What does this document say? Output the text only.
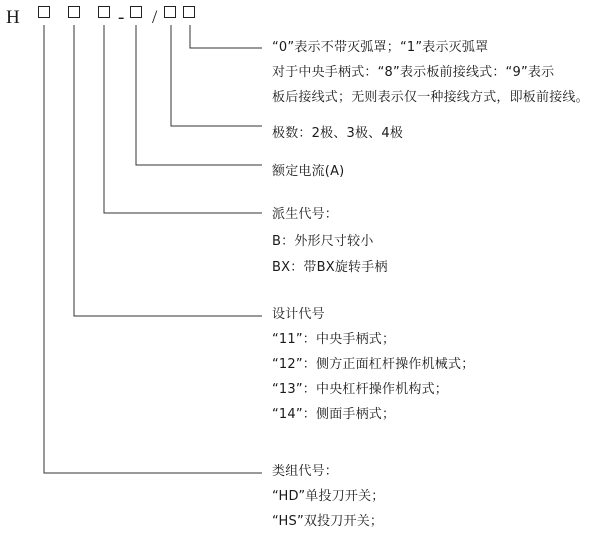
H	- /
“0”表示不带灭弧罩；“1”表示灭弧罩
对于中央手柄式：“8”表示板前接线式：“9”表示
板后接线式；无则表示仅一种接线方式，即板前接线。
极数：2极、3极、4极
额定电流(A)
派生代号：
B：外形尺寸较小
BX：带BX旋转手柄
设计代号
“11”：中央手柄式；
“12”：侧方正面杠杆操作机械式；
“13”：中央杠杆操作机构式；
“14”：侧面手柄式；
类组代号：
“HD”单投刀开关；
“HS”双投刀开关；
